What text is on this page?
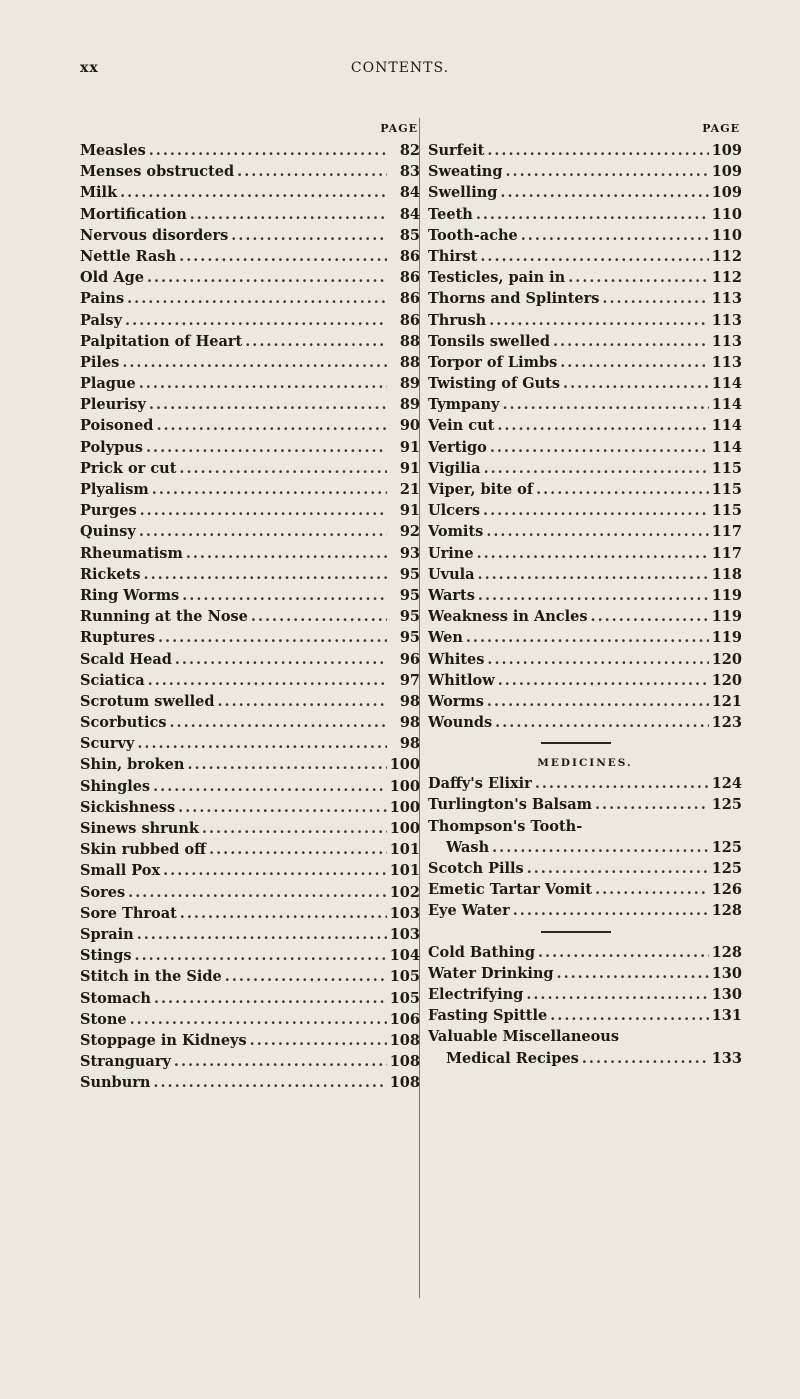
xx	CONTENTS.
PAGE
Measles .....	82
Menses obstructed .....	83
Milk .....	84
Mortification .....	84
Nervous disorders .....	85
Nettle Rash .....	86
Old Age .....	86
Pains .....	86
Palsy .....	86
Palpitation of Heart .....	88
Piles .....	88
Plague .....	89
Pleurisy .....	89
Poisoned .....	90
Polypus .....	91
Prick or cut .....	91
Plyalism .....	21
Purges .....	91
Quinsy .....	92
Rheumatism .....	93
Rickets .....	95
Ring Worms .....	95
Running at the Nose .....	95
Ruptures .....	95
Scald Head .....	96
Sciatica .....	97
Scrotum swelled .....	98
Scorbutics .....	98
Scurvy .....	98
Shin, broken .....	100
Shingles .....	100
Sickishness .....	100
Sinews shrunk .....	100
Skin rubbed off .....	101
Small Pox .....	101
Sores .....	102
Sore Throat .....	103
Sprain .....	103
Stings .....	104
Stitch in the Side .....	105
Stomach .....	105
Stone .....	106
Stoppage in Kidneys .....	108
Stranguary .....	108
Sunburn .....	108
PAGE
Surfeit .....	109
Sweating .....	109
Swelling .....	109
Teeth .....	110
Tooth-ache .....	110
Thirst .....	112
Testicles, pain in .....	112
Thorns and Splinters .....	113
Thrush .....	113
Tonsils swelled .....	113
Torpor of Limbs .....	113
Twisting of Guts .....	114
Tympany .....	114
Vein cut .....	114
Vertigo .....	114
Vigilia .....	115
Viper, bite of .....	115
Ulcers .....	115
Vomits .....	117
Urine .....	117
Uvula .....	118
Warts .....	119
Weakness in Ancles .....	119
Wen .....	119
Whites .....	120
Whitlow .....	120
Worms .....	121
Wounds .....	123
MEDICINES.
Daffy's Elixir .....	124
Turlington's Balsam .....	125
Thompson's Tooth-
Wash .....	125
Scotch Pills .....	125
Emetic Tartar Vomit .....	126
Eye Water .....	128
Cold Bathing .....	128
Water Drinking .....	130
Electrifying .....	130
Fasting Spittle .....	131
Valuable Miscellaneous
Medical Recipes .....	133
